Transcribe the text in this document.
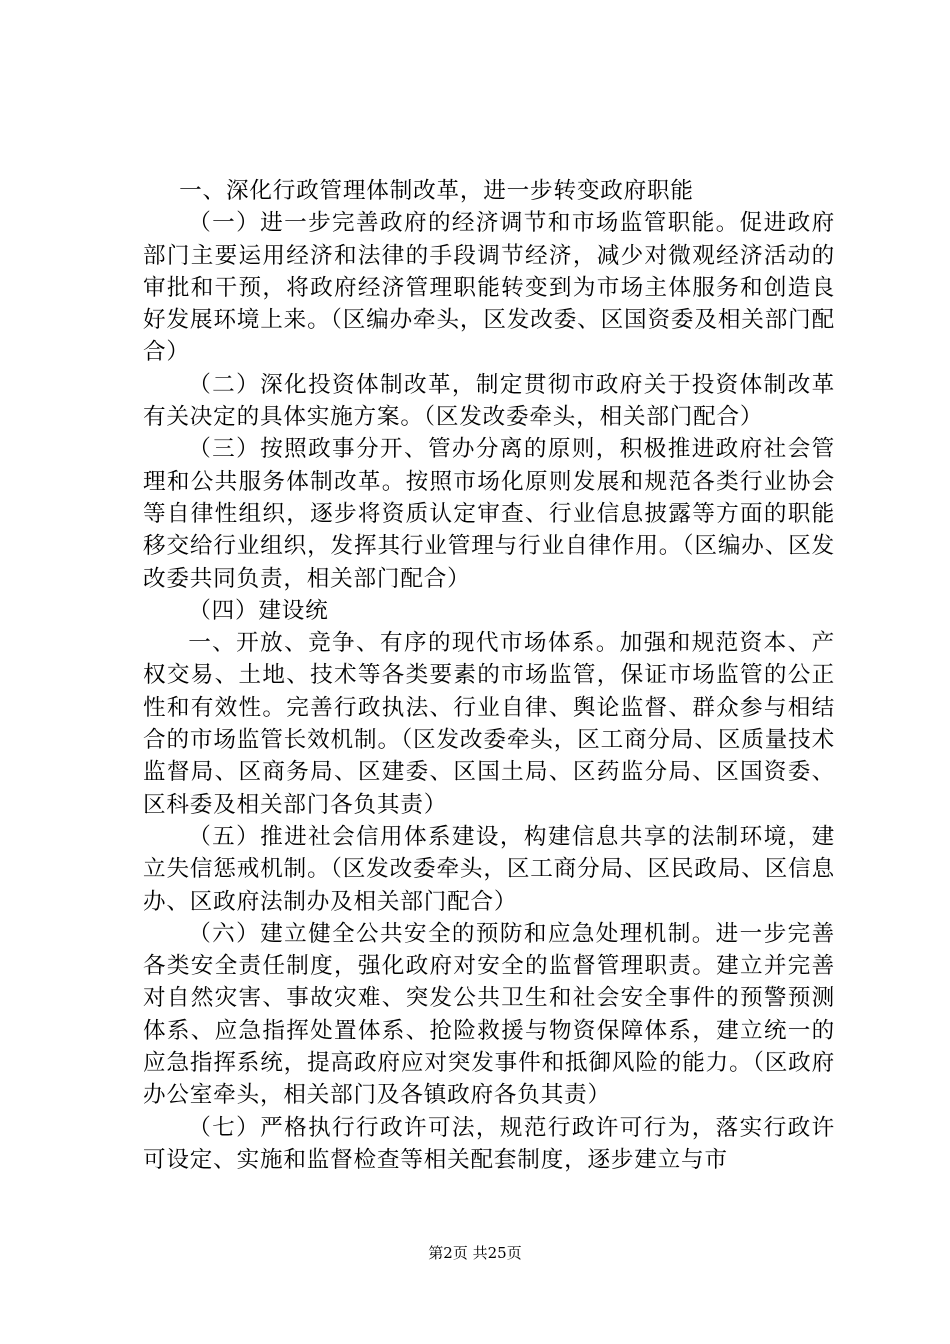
一、深化行政管理体制改革，进一步转变政府职能

（一）进一步完善政府的经济调节和市场监管职能。促进政府部门主要运用经济和法律的手段调节经济，减少对微观经济活动的审批和干预，将政府经济管理职能转变到为市场主体服务和创造良好发展环境上来。（区编办牵头，区发改委、区国资委及相关部门配合）

（二）深化投资体制改革，制定贯彻市政府关于投资体制改革有关决定的具体实施方案。（区发改委牵头，相关部门配合）

（三）按照政事分开、管办分离的原则，积极推进政府社会管理和公共服务体制改革。按照市场化原则发展和规范各类行业协会等自律性组织，逐步将资质认定审查、行业信息披露等方面的职能移交给行业组织，发挥其行业管理与行业自律作用。（区编办、区发改委共同负责，相关部门配合）

（四）建设统

一、开放、竞争、有序的现代市场体系。加强和规范资本、产权交易、土地、技术等各类要素的市场监管，保证市场监管的公正性和有效性。完善行政执法、行业自律、舆论监督、群众参与相结合的市场监管长效机制。（区发改委牵头，区工商分局、区质量技术监督局、区商务局、区建委、区国土局、区药监分局、区国资委、区科委及相关部门各负其责）

（五）推进社会信用体系建设，构建信息共享的法制环境，建立失信惩戒机制。（区发改委牵头，区工商分局、区民政局、区信息办、区政府法制办及相关部门配合）

（六）建立健全公共安全的预防和应急处理机制。进一步完善各类安全责任制度，强化政府对安全的监督管理职责。建立并完善对自然灾害、事故灾难、突发公共卫生和社会安全事件的预警预测体系、应急指挥处置体系、抢险救援与物资保障体系，建立统一的应急指挥系统，提高政府应对突发事件和抵御风险的能力。（区政府办公室牵头，相关部门及各镇政府各负其责）

（七）严格执行行政许可法，规范行政许可行为，落实行政许可设定、实施和监督检查等相关配套制度，逐步建立与市

第2页 共25页
